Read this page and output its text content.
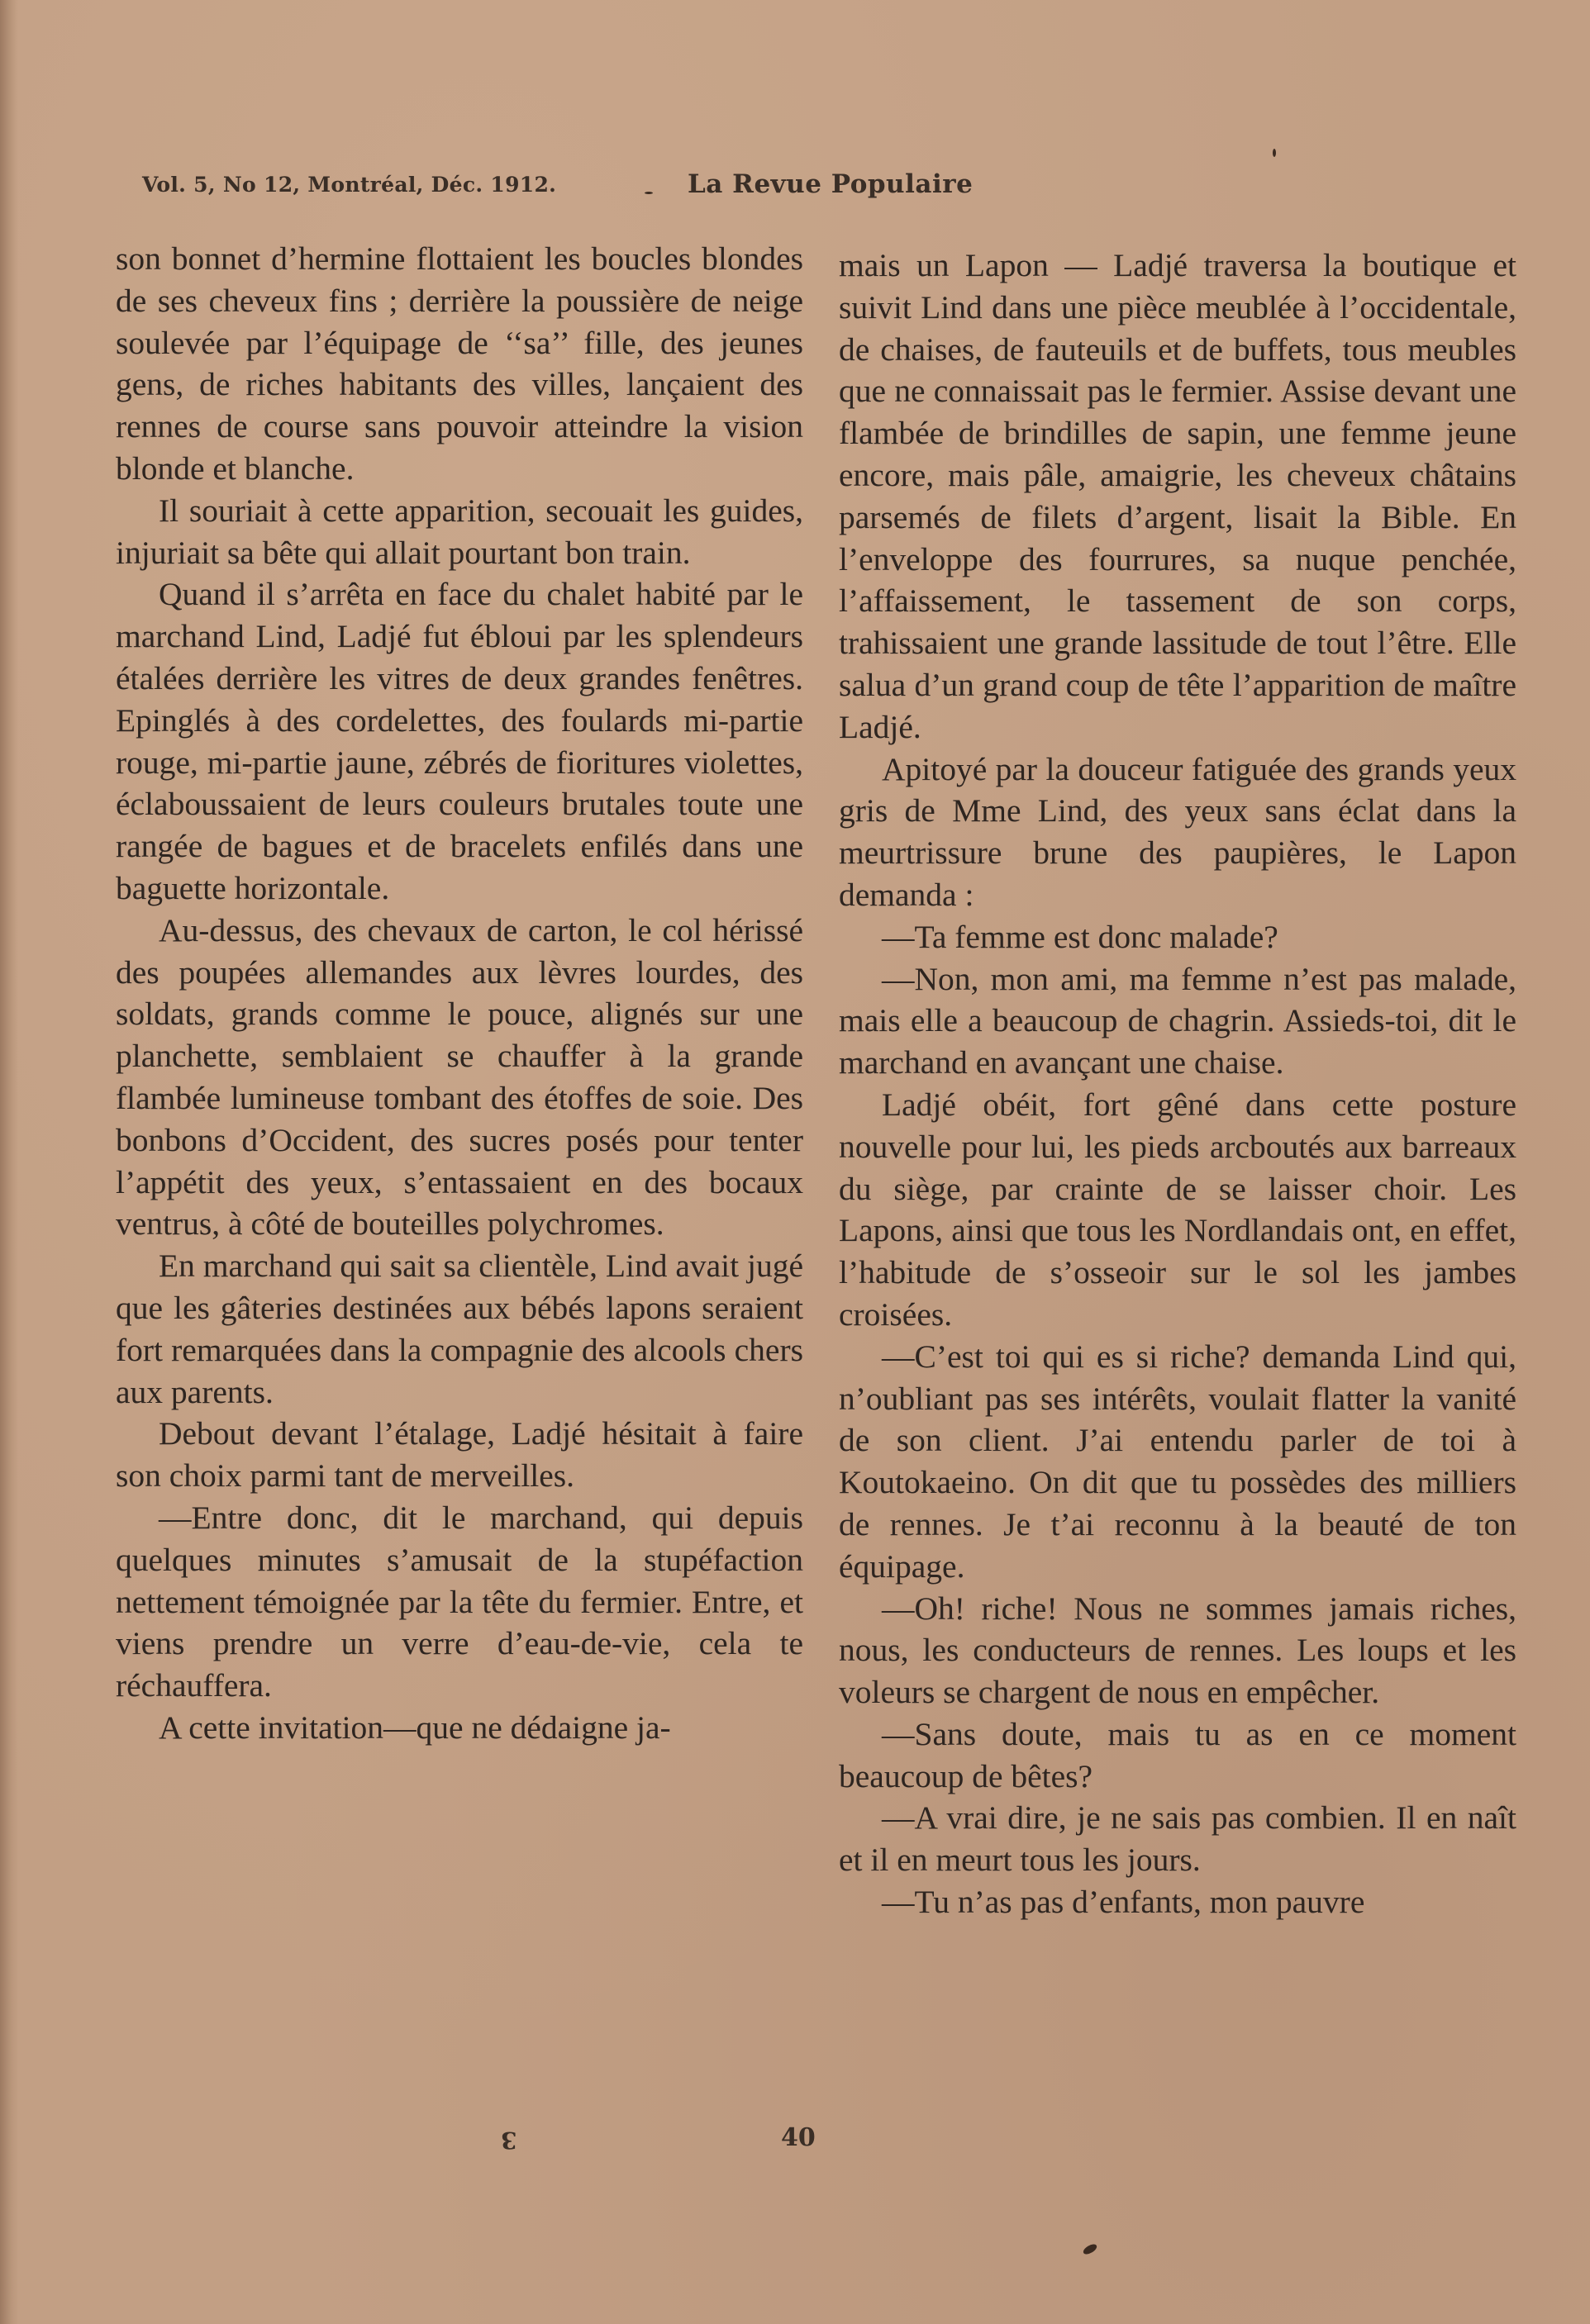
Vol. 5, No 12, Montréal, Déc. 1912.	La Revue Populaire

son bonnet d’hermine flottaient les boucles blondes de ses cheveux fins ; derrière la poussière de neige soulevée par l’équipage de ‘‘sa’’ fille, des jeunes gens, de riches habitants des villes, lançaient des rennes de course sans pouvoir atteindre la vision blonde et blanche.

Il souriait à cette apparition, secouait les guides, injuriait sa bête qui allait pourtant bon train.

Quand il s’arrêta en face du chalet habité par le marchand Lind, Ladjé fut ébloui par les splendeurs étalées derrière les vitres de deux grandes fenêtres. Epinglés à des cordelettes, des foulards mi-partie rouge, mi-partie jaune, zébrés de fioritures violettes, éclaboussaient de leurs couleurs brutales toute une rangée de bagues et de bracelets enfilés dans une baguette horizontale.

Au-dessus, des chevaux de carton, le col hérissé des poupées allemandes aux lèvres lourdes, des soldats, grands comme le pouce, alignés sur une planchette, semblaient se chauffer à la grande flambée lumineuse tombant des étoffes de soie. Des bonbons d’Occident, des sucres posés pour tenter l’appétit des yeux, s’entassaient en des bocaux ventrus, à côté de bouteilles polychromes.

En marchand qui sait sa clientèle, Lind avait jugé que les gâteries destinées aux bébés lapons seraient fort remarquées dans la compagnie des alcools chers aux parents.

Debout devant l’étalage, Ladjé hésitait à faire son choix parmi tant de merveilles.

—Entre donc, dit le marchand, qui depuis quelques minutes s’amusait de la stupéfaction nettement témoignée par la tête du fermier. Entre, et viens prendre un verre d’eau-de-vie, cela te réchauffera.

A cette invitation—que ne dédaigne ja-

mais un Lapon — Ladjé traversa la boutique et suivit Lind dans une pièce meublée à l’occidentale, de chaises, de fauteuils et de buffets, tous meubles que ne connaissait pas le fermier. Assise devant une flambée de brindilles de sapin, une femme jeune encore, mais pâle, amaigrie, les cheveux châtains parsemés de filets d’argent, lisait la Bible. En l’enveloppe des fourrures, sa nuque penchée, l’affaissement, le tassement de son corps, trahissaient une grande lassitude de tout l’être. Elle salua d’un grand coup de tête l’apparition de maître Ladjé.

Apitoyé par la douceur fatiguée des grands yeux gris de Mme Lind, des yeux sans éclat dans la meurtrissure brune des paupières, le Lapon demanda :

—Ta femme est donc malade?

—Non, mon ami, ma femme n’est pas malade, mais elle a beaucoup de chagrin. Assieds-toi, dit le marchand en avançant une chaise.

Ladjé obéit, fort gêné dans cette posture nouvelle pour lui, les pieds arcboutés aux barreaux du siège, par crainte de se laisser choir. Les Lapons, ainsi que tous les Nordlandais ont, en effet, l’habitude de s’osseoir sur le sol les jambes croisées.

—C’est toi qui es si riche? demanda Lind qui, n’oubliant pas ses intérêts, voulait flatter la vanité de son client. J’ai entendu parler de toi à Koutokaeino. On dit que tu possèdes des milliers de rennes. Je t’ai reconnu à la beauté de ton équipage.

—Oh! riche! Nous ne sommes jamais riches, nous, les conducteurs de rennes. Les loups et les voleurs se chargent de nous en empêcher.

—Sans doute, mais tu as en ce moment beaucoup de bêtes?

—A vrai dire, je ne sais pas combien. Il en naît et il en meurt tous les jours.

—Tu n’as pas d’enfants, mon pauvre

3	40
